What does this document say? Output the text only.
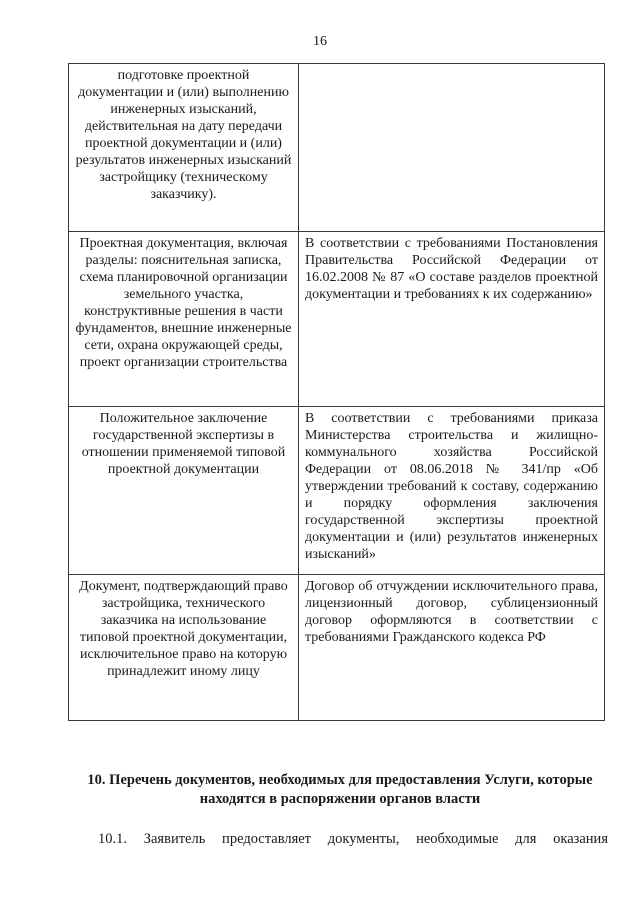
16
подготовке проектной документации и (или) выполнению инженерных изысканий, действительная на дату передачи проектной документации и (или) результатов инженерных изысканий застройщику (техническому заказчику).	
Проектная документация, включая разделы: пояснительная записка, схема планировочной организации земельного участка, конструктивные решения в части фундаментов, внешние инженерные сети, охрана окружающей среды, проект организации строительства	В соответствии с требованиями Постановления Правительства Российской Федерации от 16.02.2008 № 87 «О составе разделов проектной документации и требованиях к их содержанию»
Положительное заключение государственной экспертизы в отношении применяемой типовой проектной документации	В соответствии с требованиями приказа Министерства строительства и жилищно-коммунального хозяйства Российской Федерации от 08.06.2018 № 341/пр «Об утверждении требований к составу, содержанию и порядку оформления заключения государственной экспертизы проектной документации и (или) результатов инженерных изысканий»
Документ, подтверждающий право застройщика, технического заказчика на использование типовой проектной документации, исключительное право на которую принадлежит иному лицу	Договор об отчуждении исключительного права, лицензионный договор, сублицензионный договор оформляются в соответствии с требованиями Гражданского кодекса РФ
10. Перечень документов, необходимых для предоставления Услуги, которые находятся в распоряжении органов власти
10.1. Заявитель предоставляет документы, необходимые для оказания
